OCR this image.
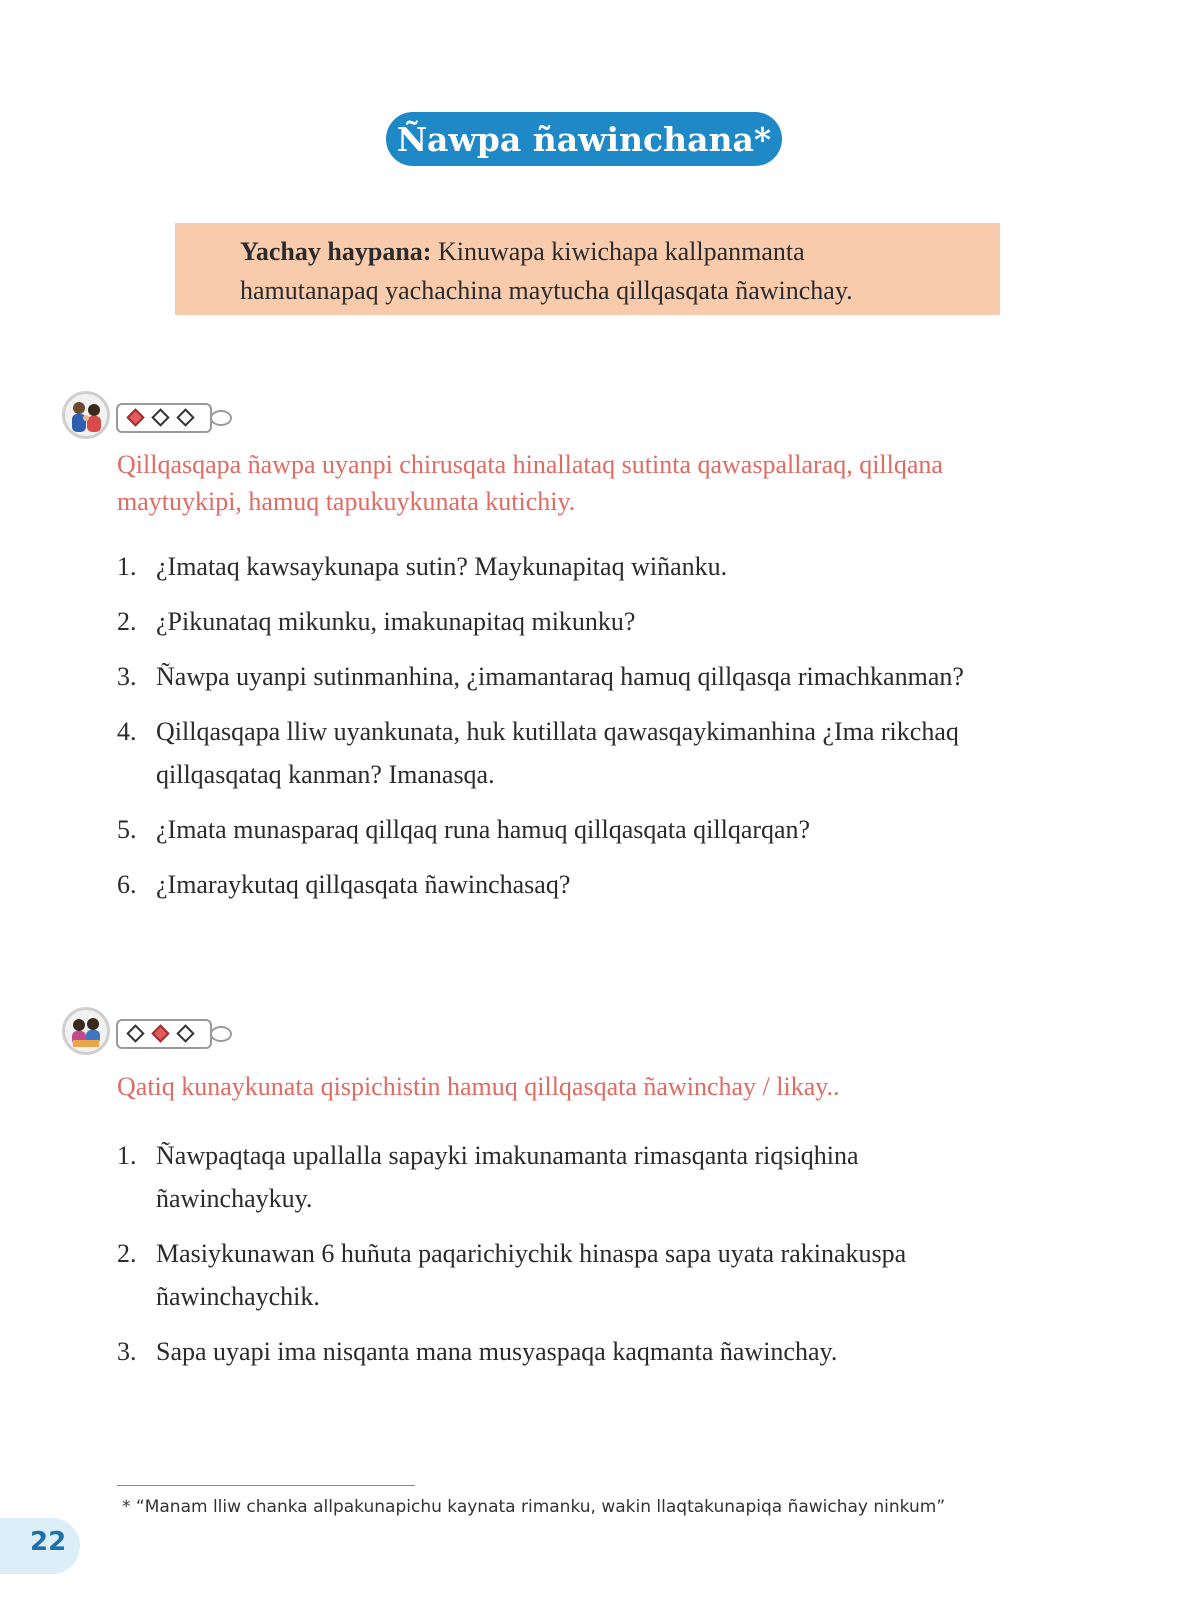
Ñawpa ñawinchana*
Yachay haypana: Kinuwapa kiwichapa kallpanmanta
hamutanapaq yachachina maytucha qillqasqata ñawinchay.
Qillqasqapa ñawpa uyanpi chirusqata hinallataq sutinta qawaspallaraq, qillqana maytuykipi, hamuq tapukuykunata kutichiy.
1. ¿Imataq kawsaykunapa sutin? Maykunapitaq wiñanku.
2. ¿Pikunataq mikunku, imakunapitaq mikunku?
3. Ñawpa uyanpi sutinmanhina, ¿imamantaraq hamuq qillqasqa rimachkanman?
4. Qillqasqapa lliw uyankunata, huk kutillata qawasqaykimanhina ¿Ima rikchaq qillqasqataq kanman? Imanasqa.
5. ¿Imata munasparaq qillqaq runa hamuq qillqasqata qillqarqan?
6. ¿Imaraykutaq qillqasqata ñawinchasaq?
Qatiq kunaykunata qispichistin hamuq qillqasqata ñawinchay / likay..
1. Ñawpaqtaqa upallalla sapayki imakunamanta rimasqanta riqsiqhina ñawinchaykuy.
2. Masiykunawan 6 huñuta paqarichiychik hinaspa sapa uyata rakinakuspa ñawinchaychik.
3. Sapa uyapi ima nisqanta mana musyaspaqa kaqmanta ñawinchay.
* “Manam lliw chanka allpakunapichu kaynata rimanku, wakin llaqtakunapiqa ñawichay ninkum”
22
